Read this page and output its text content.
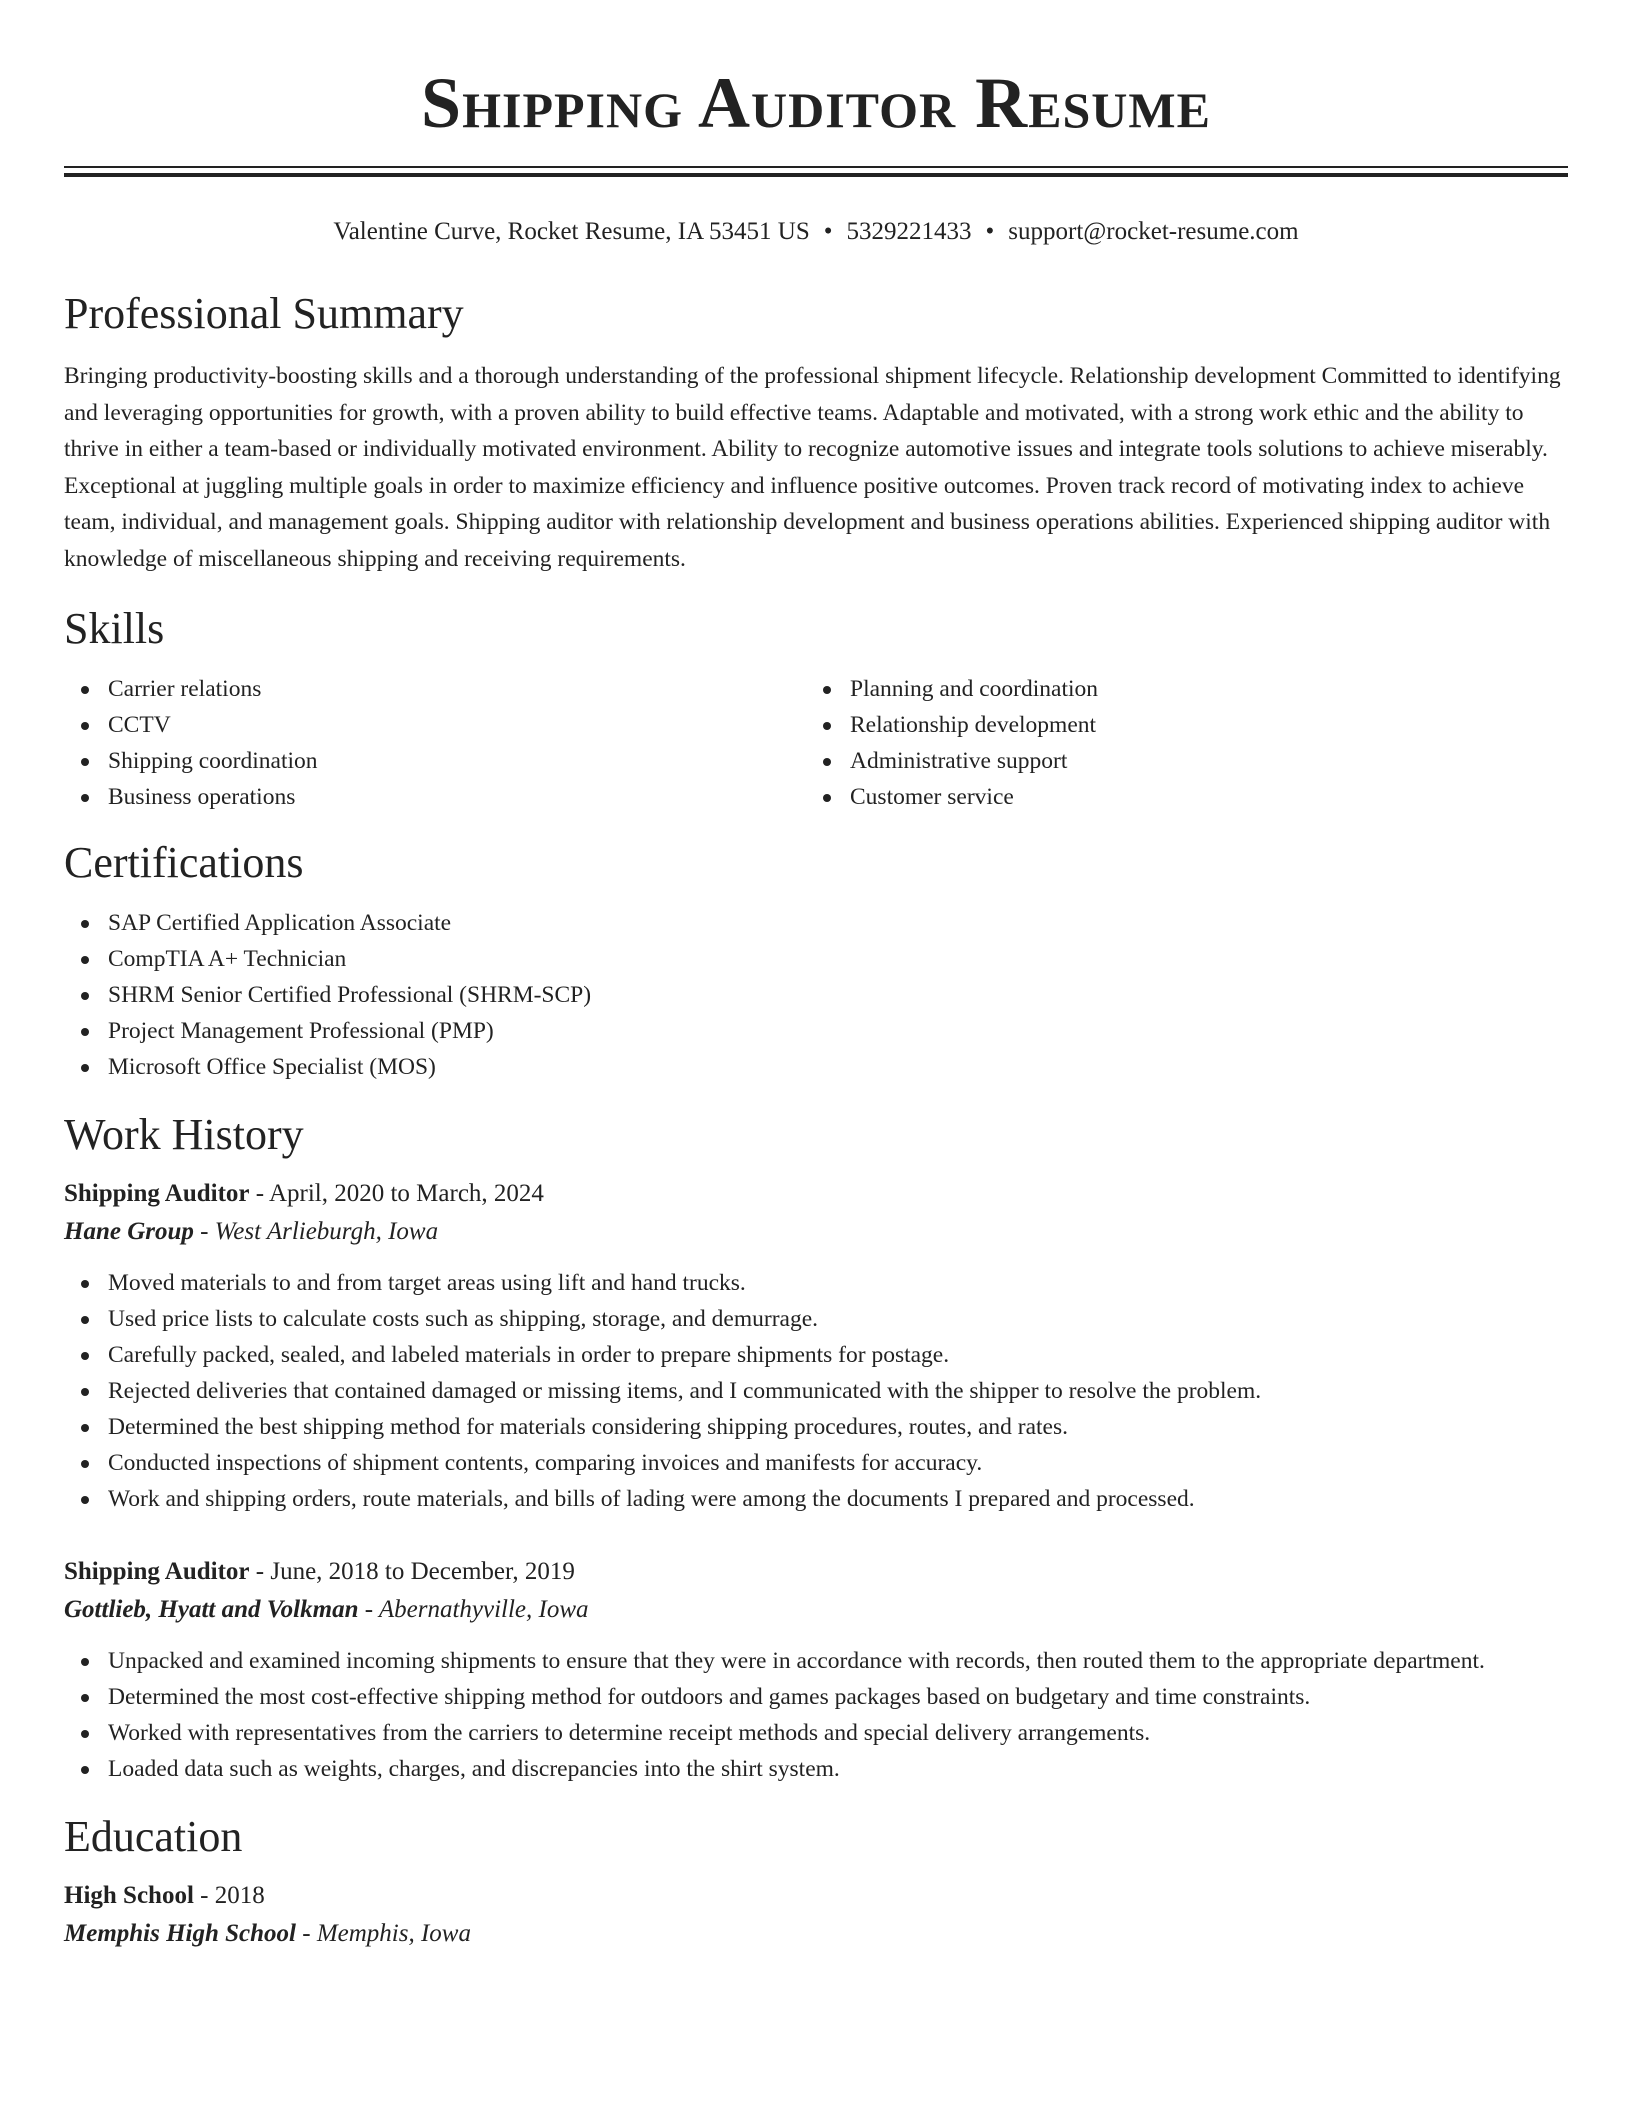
Shipping Auditor Resume
Valentine Curve, Rocket Resume, IA 53451 US • 5329221433 • support@rocket-resume.com
Professional Summary

Bringing productivity-boosting skills and a thorough understanding of the professional shipment lifecycle. Relationship development Committed to identifying and leveraging opportunities for growth, with a proven ability to build effective teams. Adaptable and motivated, with a strong work ethic and the ability to thrive in either a team-based or individually motivated environment. Ability to recognize automotive issues and integrate tools solutions to achieve miserably. Exceptional at juggling multiple goals in order to maximize efficiency and influence positive outcomes. Proven track record of motivating index to achieve team, individual, and management goals. Shipping auditor with relationship development and business operations abilities. Experienced shipping auditor with knowledge of miscellaneous shipping and receiving requirements.

Skills
Carrier relations
CCTV
Shipping coordination
Business operations
Planning and coordination
Relationship development
Administrative support
Customer service
Certifications
SAP Certified Application Associate
CompTIA A+ Technician
SHRM Senior Certified Professional (SHRM-SCP)
Project Management Professional (PMP)
Microsoft Office Specialist (MOS)
Work History
Shipping Auditor - April, 2020 to March, 2024
Hane Group - West Arlieburgh, Iowa
Moved materials to and from target areas using lift and hand trucks.
Used price lists to calculate costs such as shipping, storage, and demurrage.
Carefully packed, sealed, and labeled materials in order to prepare shipments for postage.
Rejected deliveries that contained damaged or missing items, and I communicated with the shipper to resolve the problem.
Determined the best shipping method for materials considering shipping procedures, routes, and rates.
Conducted inspections of shipment contents, comparing invoices and manifests for accuracy.
Work and shipping orders, route materials, and bills of lading were among the documents I prepared and processed.
Shipping Auditor - June, 2018 to December, 2019
Gottlieb, Hyatt and Volkman - Abernathyville, Iowa
Unpacked and examined incoming shipments to ensure that they were in accordance with records, then routed them to the appropriate department.
Determined the most cost-effective shipping method for outdoors and games packages based on budgetary and time constraints.
Worked with representatives from the carriers to determine receipt methods and special delivery arrangements.
Loaded data such as weights, charges, and discrepancies into the shirt system.
Education
High School - 2018
Memphis High School - Memphis, Iowa
